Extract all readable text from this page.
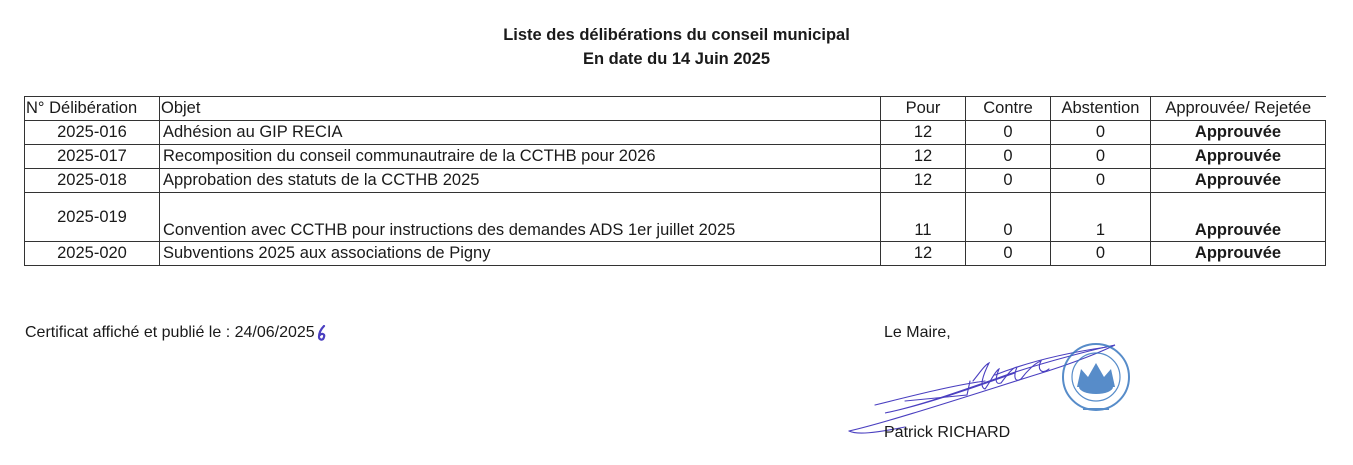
Liste des délibérations du conseil municipal
En date du 14 Juin 2025
N° Délibération	Objet	Pour	Contre	Abstention	Approuvée/ Rejetée
2025-016	Adhésion au GIP RECIA	12	0	0	Approuvée
2025-017	Recomposition du conseil communautraire de la CCTHB pour 2026	12	0	0	Approuvée
2025-018	Approbation des statuts de la CCTHB 2025	12	0	0	Approuvée
2025-019	Convention avec CCTHB pour instructions des demandes ADS 1er juillet 2025	11	0	1	Approuvée
2025-020	Subventions 2025 aux associations de Pigny	12	0	0	Approuvée
Certificat affiché et publié le : 24/06/2025	Le Maire,
Patrick RICHARD
